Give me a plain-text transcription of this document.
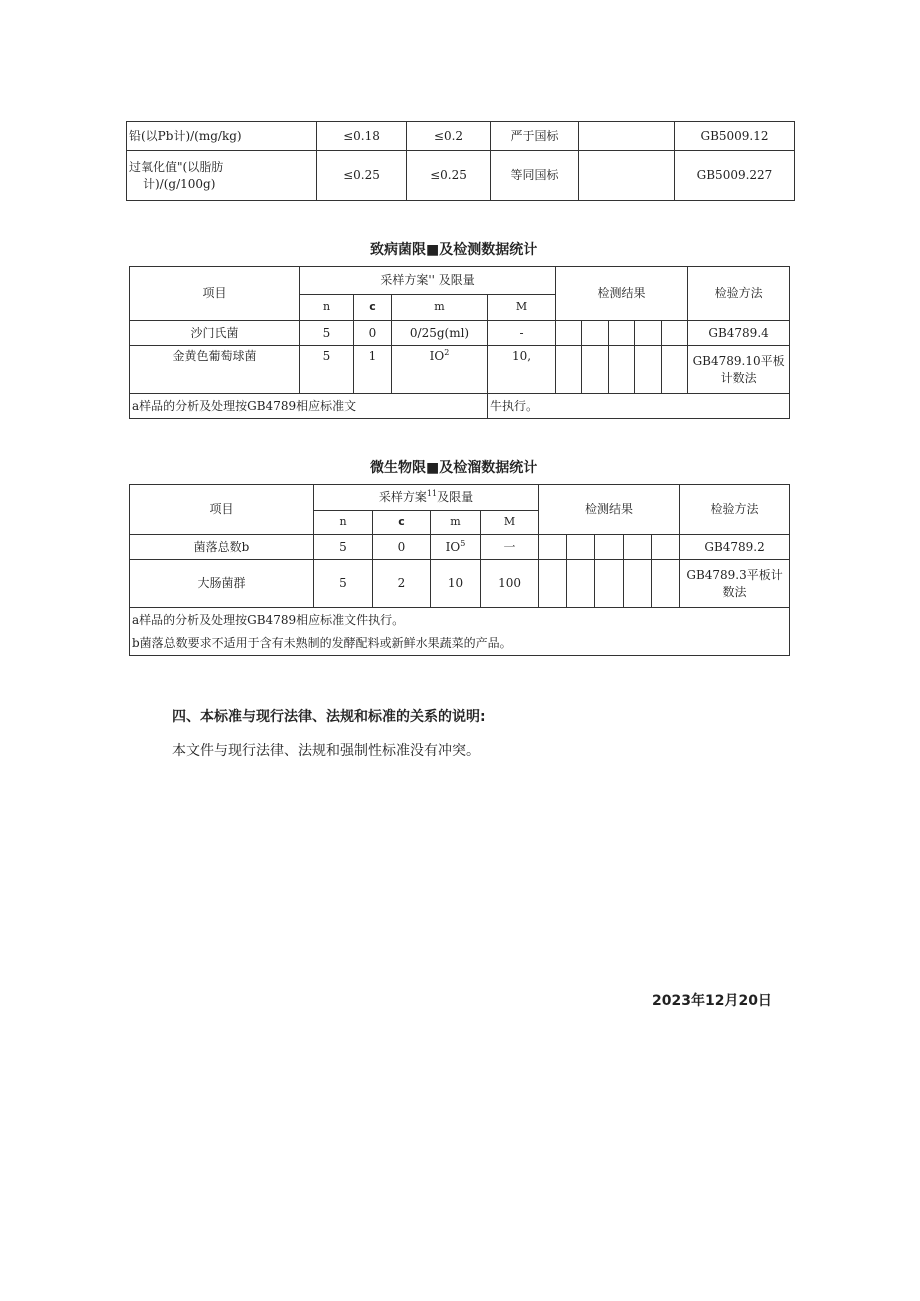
铅(以Pb计)/(mg/kg)	≤0.18	≤0.2	严于国标		GB5009.12

过氧化值"(以脂肪
计)/(g/100g)	≤0.25	≤0.25	等同国标		GB5009.227
致病菌限■及检测数据统计
项目	采样方案'' 及限量				检测结果					检验方法
	n	c	m	M						
沙门氏菌	5	0	0/25g(ml)	-						GB4789.4
金黄色葡萄球菌	5	1	$IO^2$	10,						GB4789.10平板
计数法

a样品的分析及处理按GB4789相应标准文				牛执行。						
微生物限■及检溜数据统计
项目	采样方案$^{11}$及限量				检测结果					检验方法
	n	c	m	M						
菌落总数b	5	0	$IO^5$	一						GB4789.2
大肠菌群	5	2	10	100						GB4789.3平板计
数法

a样品的分析及处理按GB4789相应标准文件执行。										
b菌落总数要求不适用于含有未熟制的发酵配料或新鲜水果蔬菜的产品。										
四、本标准与现行法律、法规和标准的关系的说明:
本文件与现行法律、法规和强制性标准没有冲突。
2023年12月20日
